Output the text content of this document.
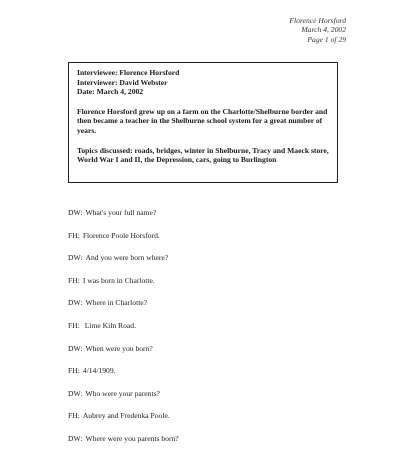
Florence Horsford
March 4, 2002
Page 1 of 29
Interviewee: Florence Horsford
Interviewer: David Webster
Date: March 4, 2002

Florence Horsford grew up on a farm on the Charlotte/Shelburne border and then became a teacher in the Shelburne school system for a great number of years.

Topics discussed: roads, bridges, winter in Shelburne, Tracy and Maeck store, World War I and II, the Depression, cars, going to Burlington

DW: What's your full name?
FH: Florence Poole Horsford.
DW: And you were born where?
FH: I was born in Charlotte.
DW: Where in Charlotte?
FH: Lime Kiln Road.
DW: When were you born?
FH: 4/14/1909.
DW: Who were your parents?
FH: Aubrey and Fredenka Poole.
DW: Where were you parents born?
